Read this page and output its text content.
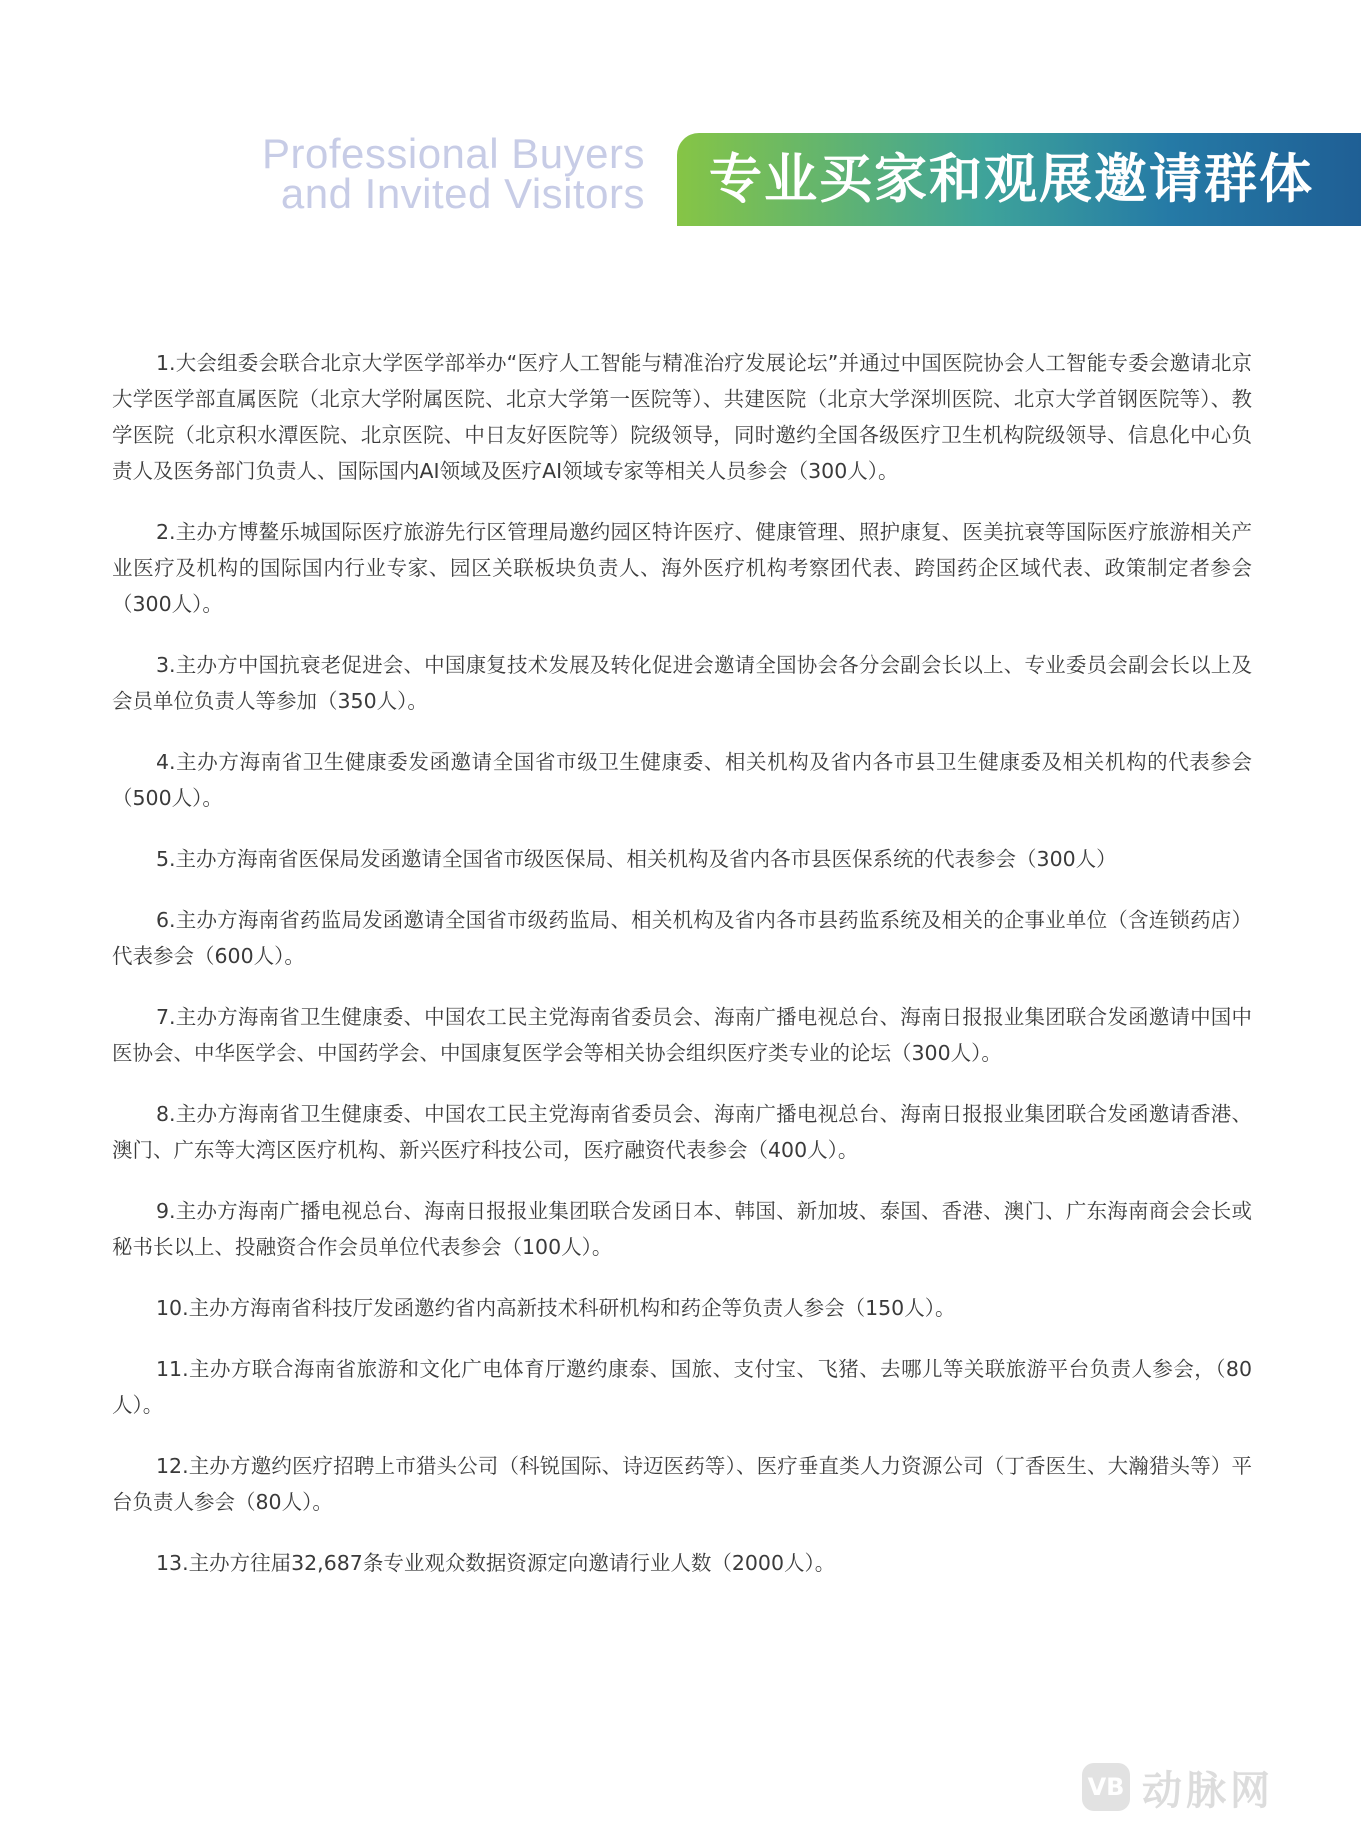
Professional Buyers
and Invited Visitors 专业买家和观展邀请群体
1.大会组委会联合北京大学医学部举办“医疗人工智能与精准治疗发展论坛”并通过中国医院协会人工智能专委会邀请北京大学医学部直属医院（北京大学附属医院、北京大学第一医院等）、共建医院（北京大学深圳医院、北京大学首钢医院等）、教学医院（北京积水潭医院、北京医院、中日友好医院等）院级领导，同时邀约全国各级医疗卫生机构院级领导、信息化中心负责人及医务部门负责人、国际国内AI领域及医疗AI领域专家等相关人员参会（300人）。
2.主办方博鳌乐城国际医疗旅游先行区管理局邀约园区特许医疗、健康管理、照护康复、医美抗衰等国际医疗旅游相关产业医疗及机构的国际国内行业专家、园区关联板块负责人、海外医疗机构考察团代表、跨国药企区域代表、政策制定者参会（300人）。
3.主办方中国抗衰老促进会、中国康复技术发展及转化促进会邀请全国协会各分会副会长以上、专业委员会副会长以上及会员单位负责人等参加（350人）。
4.主办方海南省卫生健康委发函邀请全国省市级卫生健康委、相关机构及省内各市县卫生健康委及相关机构的代表参会（500人）。
5.主办方海南省医保局发函邀请全国省市级医保局、相关机构及省内各市县医保系统的代表参会（300人）
6.主办方海南省药监局发函邀请全国省市级药监局、相关机构及省内各市县药监系统及相关的企事业单位（含连锁药店）代表参会（600人）。
7.主办方海南省卫生健康委、中国农工民主党海南省委员会、海南广播电视总台、海南日报报业集团联合发函邀请中国中医协会、中华医学会、中国药学会、中国康复医学会等相关协会组织医疗类专业的论坛（300人）。
8.主办方海南省卫生健康委、中国农工民主党海南省委员会、海南广播电视总台、海南日报报业集团联合发函邀请香港、澳门、广东等大湾区医疗机构、新兴医疗科技公司，医疗融资代表参会（400人）。
9.主办方海南广播电视总台、海南日报报业集团联合发函日本、韩国、新加坡、泰国、香港、澳门、广东海南商会会长或秘书长以上、投融资合作会员单位代表参会（100人）。
10.主办方海南省科技厅发函邀约省内高新技术科研机构和药企等负责人参会（150人）。
11.主办方联合海南省旅游和文化广电体育厅邀约康泰、国旅、支付宝、飞猪、去哪儿等关联旅游平台负责人参会，（80人）。
12.主办方邀约医疗招聘上市猎头公司（科锐国际、诗迈医药等）、医疗垂直类人力资源公司（丁香医生、大瀚猎头等）平台负责人参会（80人）。
13.主办方往届32,687条专业观众数据资源定向邀请行业人数（2000人）。
VB 动脉网
